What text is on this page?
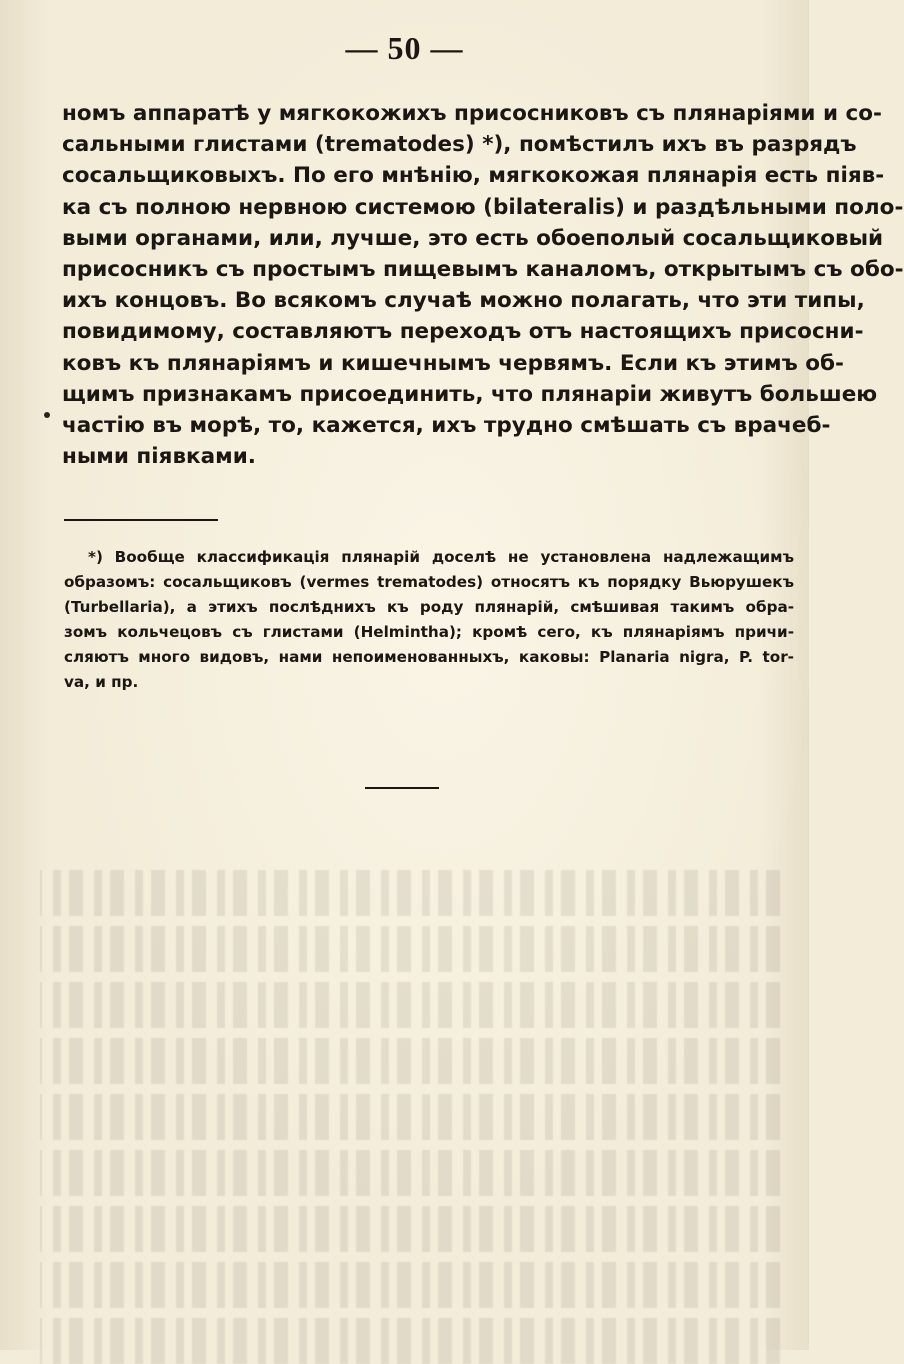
— 50 —
номъ аппаратѣ у мягкокожихъ присосниковъ съ плянаріями и со-
сальными глистами (trematodes) *), помѣстилъ ихъ въ разрядъ
сосальщиковыхъ. По его мнѣнію, мягкокожая плянарія есть піяв-
ка съ полною нервною системою (bilateralis) и раздѣльными поло-
выми органами, или, лучше, это есть обоеполый сосальщиковый
присосникъ съ простымъ пищевымъ каналомъ, открытымъ съ обо-
ихъ концовъ. Во всякомъ случаѣ можно полагать, что эти типы,
повидимому, составляютъ переходъ отъ настоящихъ присосни-
ковъ къ плянаріямъ и кишечнымъ червямъ. Если къ этимъ об-
щимъ признакамъ присоединить, что плянаріи живутъ большею
частію въ морѣ, то, кажется, ихъ трудно смѣшать съ врачеб-
ными піявками.
*) Вообще классификація плянарій доселѣ не установлена надлежащимъ
образомъ: сосальщиковъ (vermes trematodes) относятъ къ порядку Вьюрушекъ
(Turbellaria), а этихъ послѣднихъ къ роду плянарій, смѣшивая такимъ обра-
зомъ кольчецовъ съ глистами (Helmintha); кромѣ сего, къ плянаріямъ причи-
сляютъ много видовъ, нами непоименованныхъ, каковы: Planaria nigra, P. tor-
va, и пр.
